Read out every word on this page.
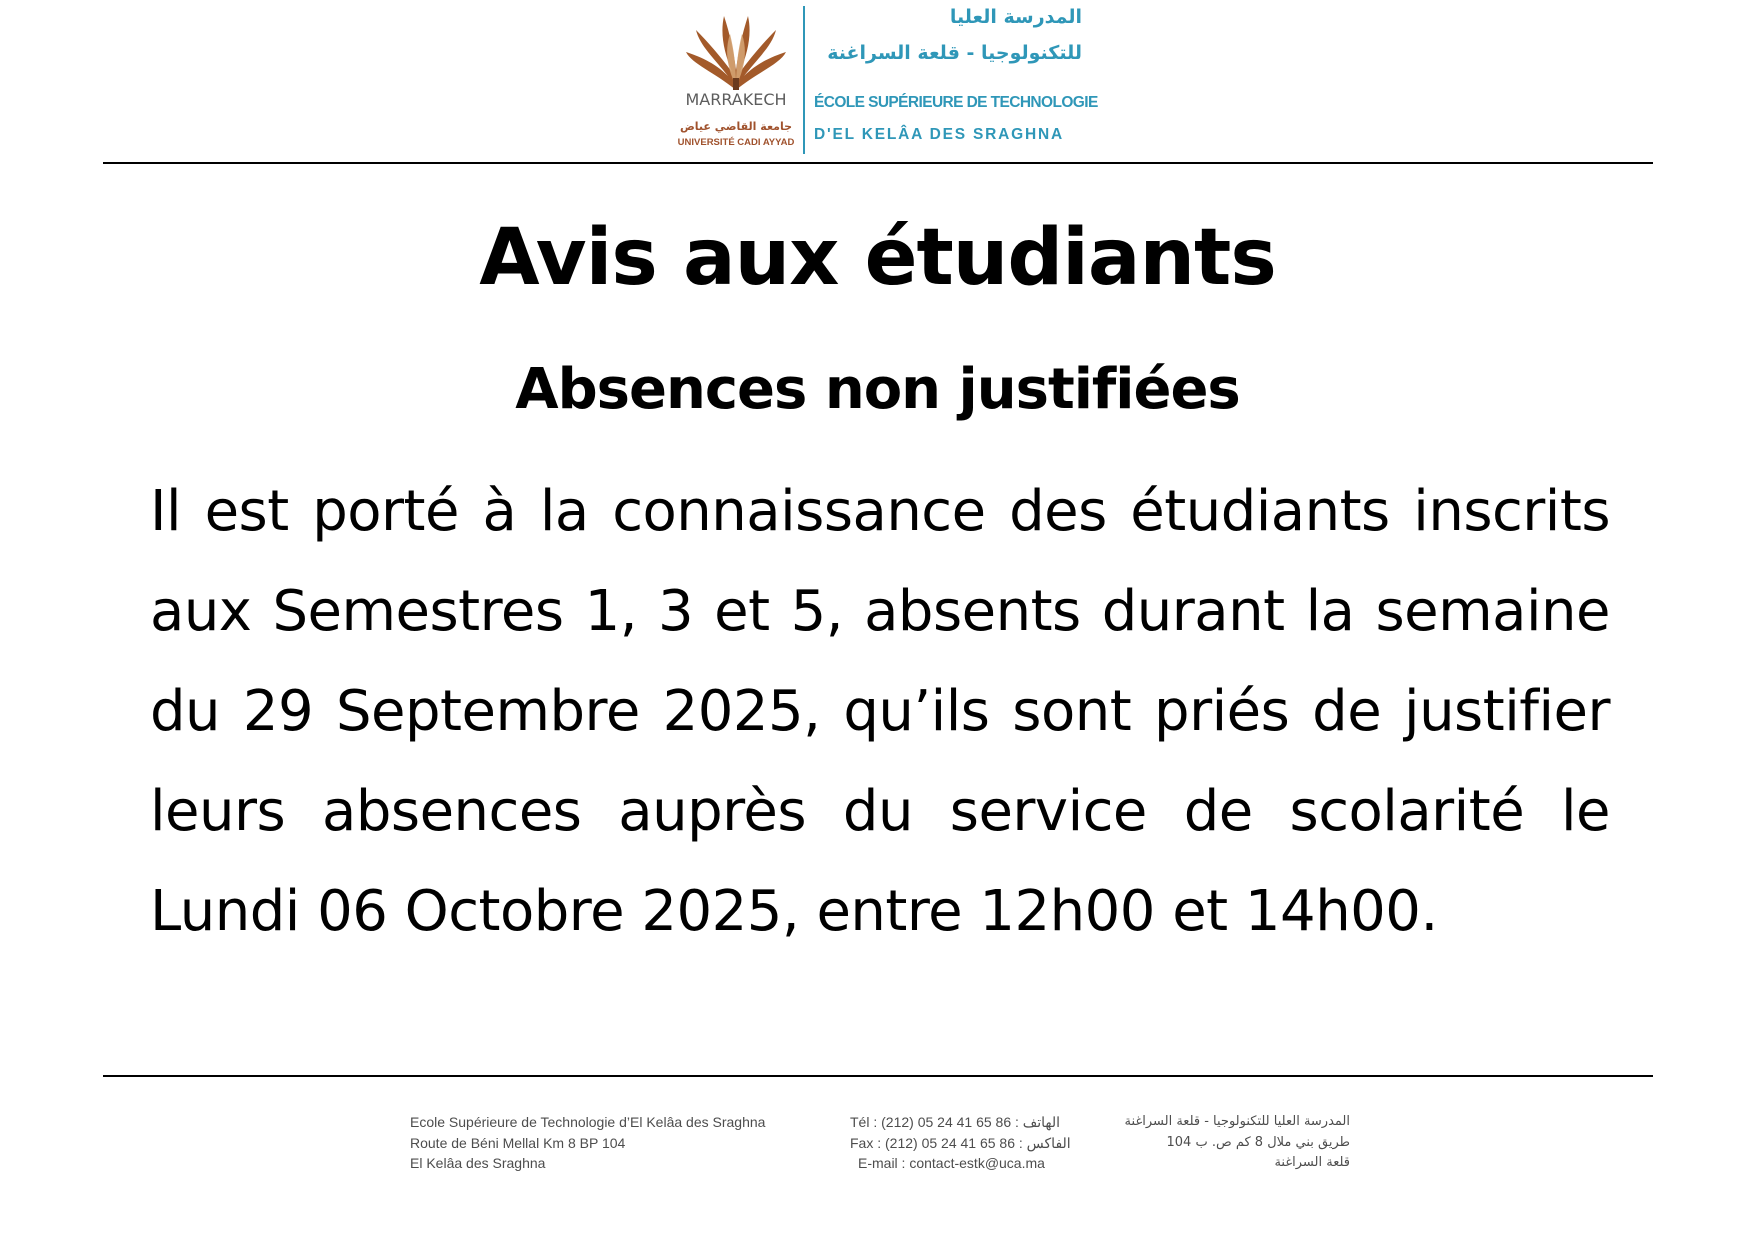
MARRAKECH
جامعة القاضي عياض
UNIVERSITÉ CADI AYYAD
المدرسة العليا
للتكنولوجيا - قلعة السراغنة
ÉCOLE SUPÉRIEURE DE TECHNOLOGIE
D'EL KELÂA DES SRAGHNA
Avis aux étudiants
Absences non justifiées

Il est porté à la connaissance des étudiants inscrits aux Semestres 1, 3 et 5, absents durant la semaine du 29 Septembre 2025, qu’ils sont priés de justifier leurs absences auprès du service de scolarité le Lundi 06 Octobre 2025, entre 12h00 et 14h00.

Ecole Supérieure de Technologie d’El Kelâa des Sraghna
Route de Béni Mellal Km 8 BP 104
El Kelâa des Sraghna
Tél : (212) 05 24 41 65 86 : الهاتف
Fax : (212) 05 24 41 65 86 : الفاكس
E-mail : contact-estk@uca.ma
المدرسة العليا للتكنولوجيا - قلعة السراغنة
طريق بني ملال 8 كم ص. ب 104
قلعة السراغنة
